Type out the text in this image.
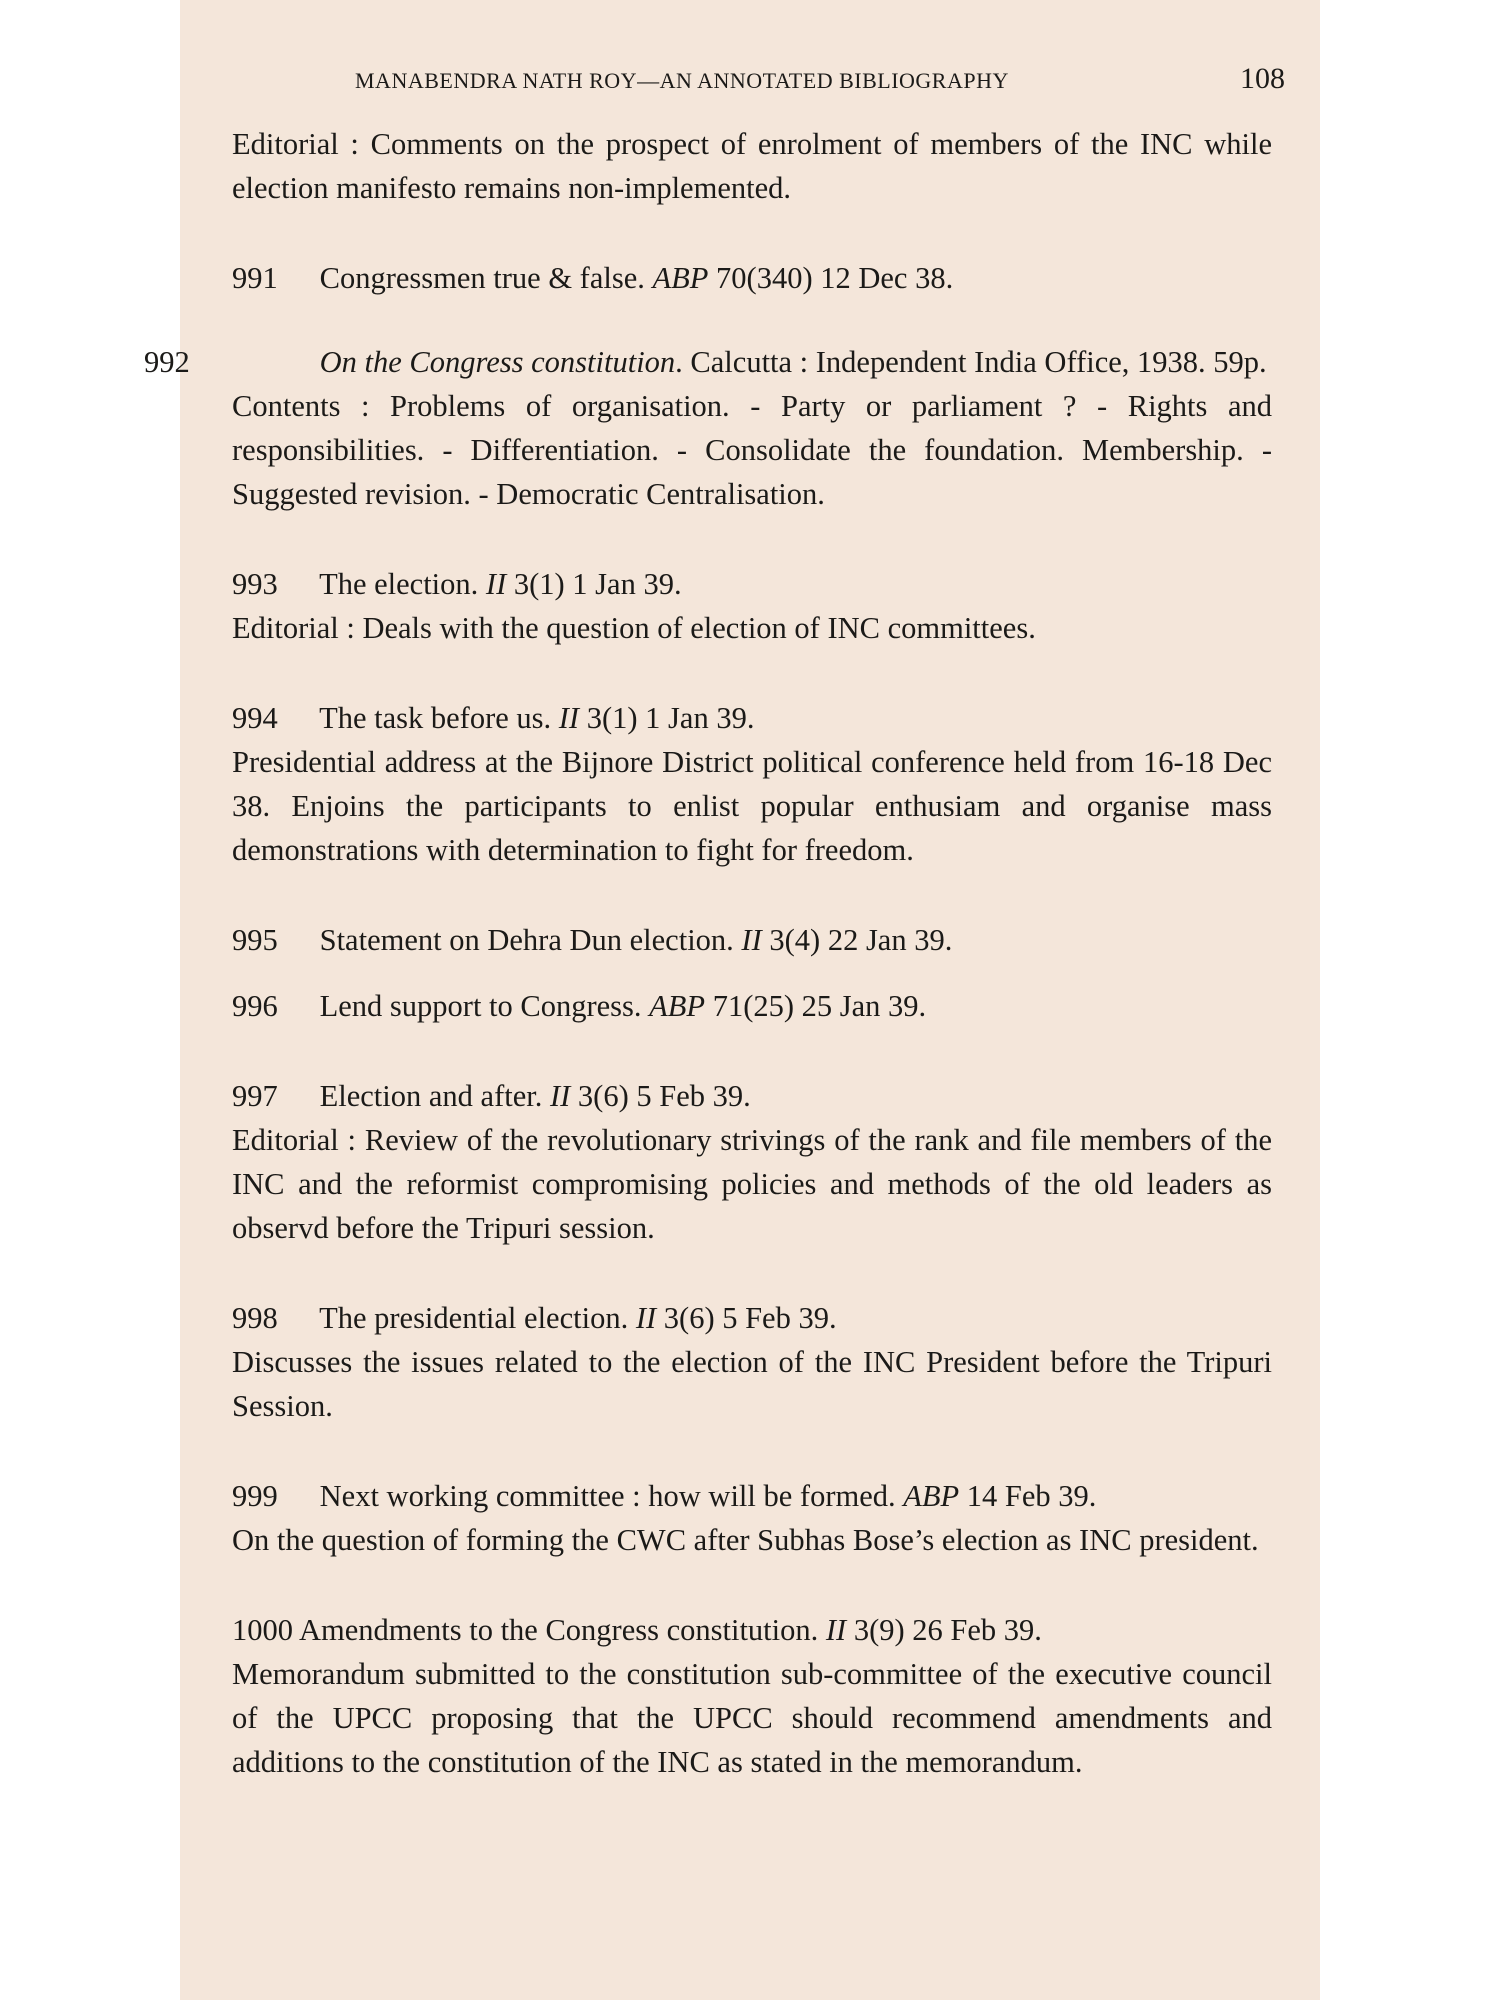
MANABENDRA NATH ROY—AN ANNOTATED BIBLIOGRAPHY	108

Editorial : Comments on the prospect of enrolment of members of the INC while election manifesto remains non-implemented.

991 Congressmen true & false. ABP 70(340) 12 Dec 38.

992	On the Congress constitution. Calcutta : Independent India Office, 1938. 59p.

Contents : Problems of organisation. - Party or parliament ? - Rights and responsibilities. - Differentiation. - Consolidate the foundation. Membership. - Suggested revision. - Democratic Centralisation.

993 The election. II 3(1) 1 Jan 39.

Editorial : Deals with the question of election of INC committees.

994 The task before us. II 3(1) 1 Jan 39.

Presidential address at the Bijnore District political conference held from 16-18 Dec 38. Enjoins the participants to enlist popular enthusiam and organise mass demonstrations with determination to fight for freedom.

995 Statement on Dehra Dun election. II 3(4) 22 Jan 39.

996 Lend support to Congress. ABP 71(25) 25 Jan 39.

997 Election and after. II 3(6) 5 Feb 39.

Editorial : Review of the revolutionary strivings of the rank and file members of the INC and the reformist compromising policies and methods of the old leaders as observd before the Tripuri session.

998 The presidential election. II 3(6) 5 Feb 39.

Discusses the issues related to the election of the INC President before the Tripuri Session.

999 Next working committee : how will be formed. ABP 14 Feb 39.

On the question of forming the CWC after Subhas Bose’s election as INC president.

1000 Amendments to the Congress constitution. II 3(9) 26 Feb 39.

Memorandum submitted to the constitution sub-committee of the executive council of the UPCC proposing that the UPCC should recommend amendments and additions to the constitution of the INC as stated in the memorandum.
